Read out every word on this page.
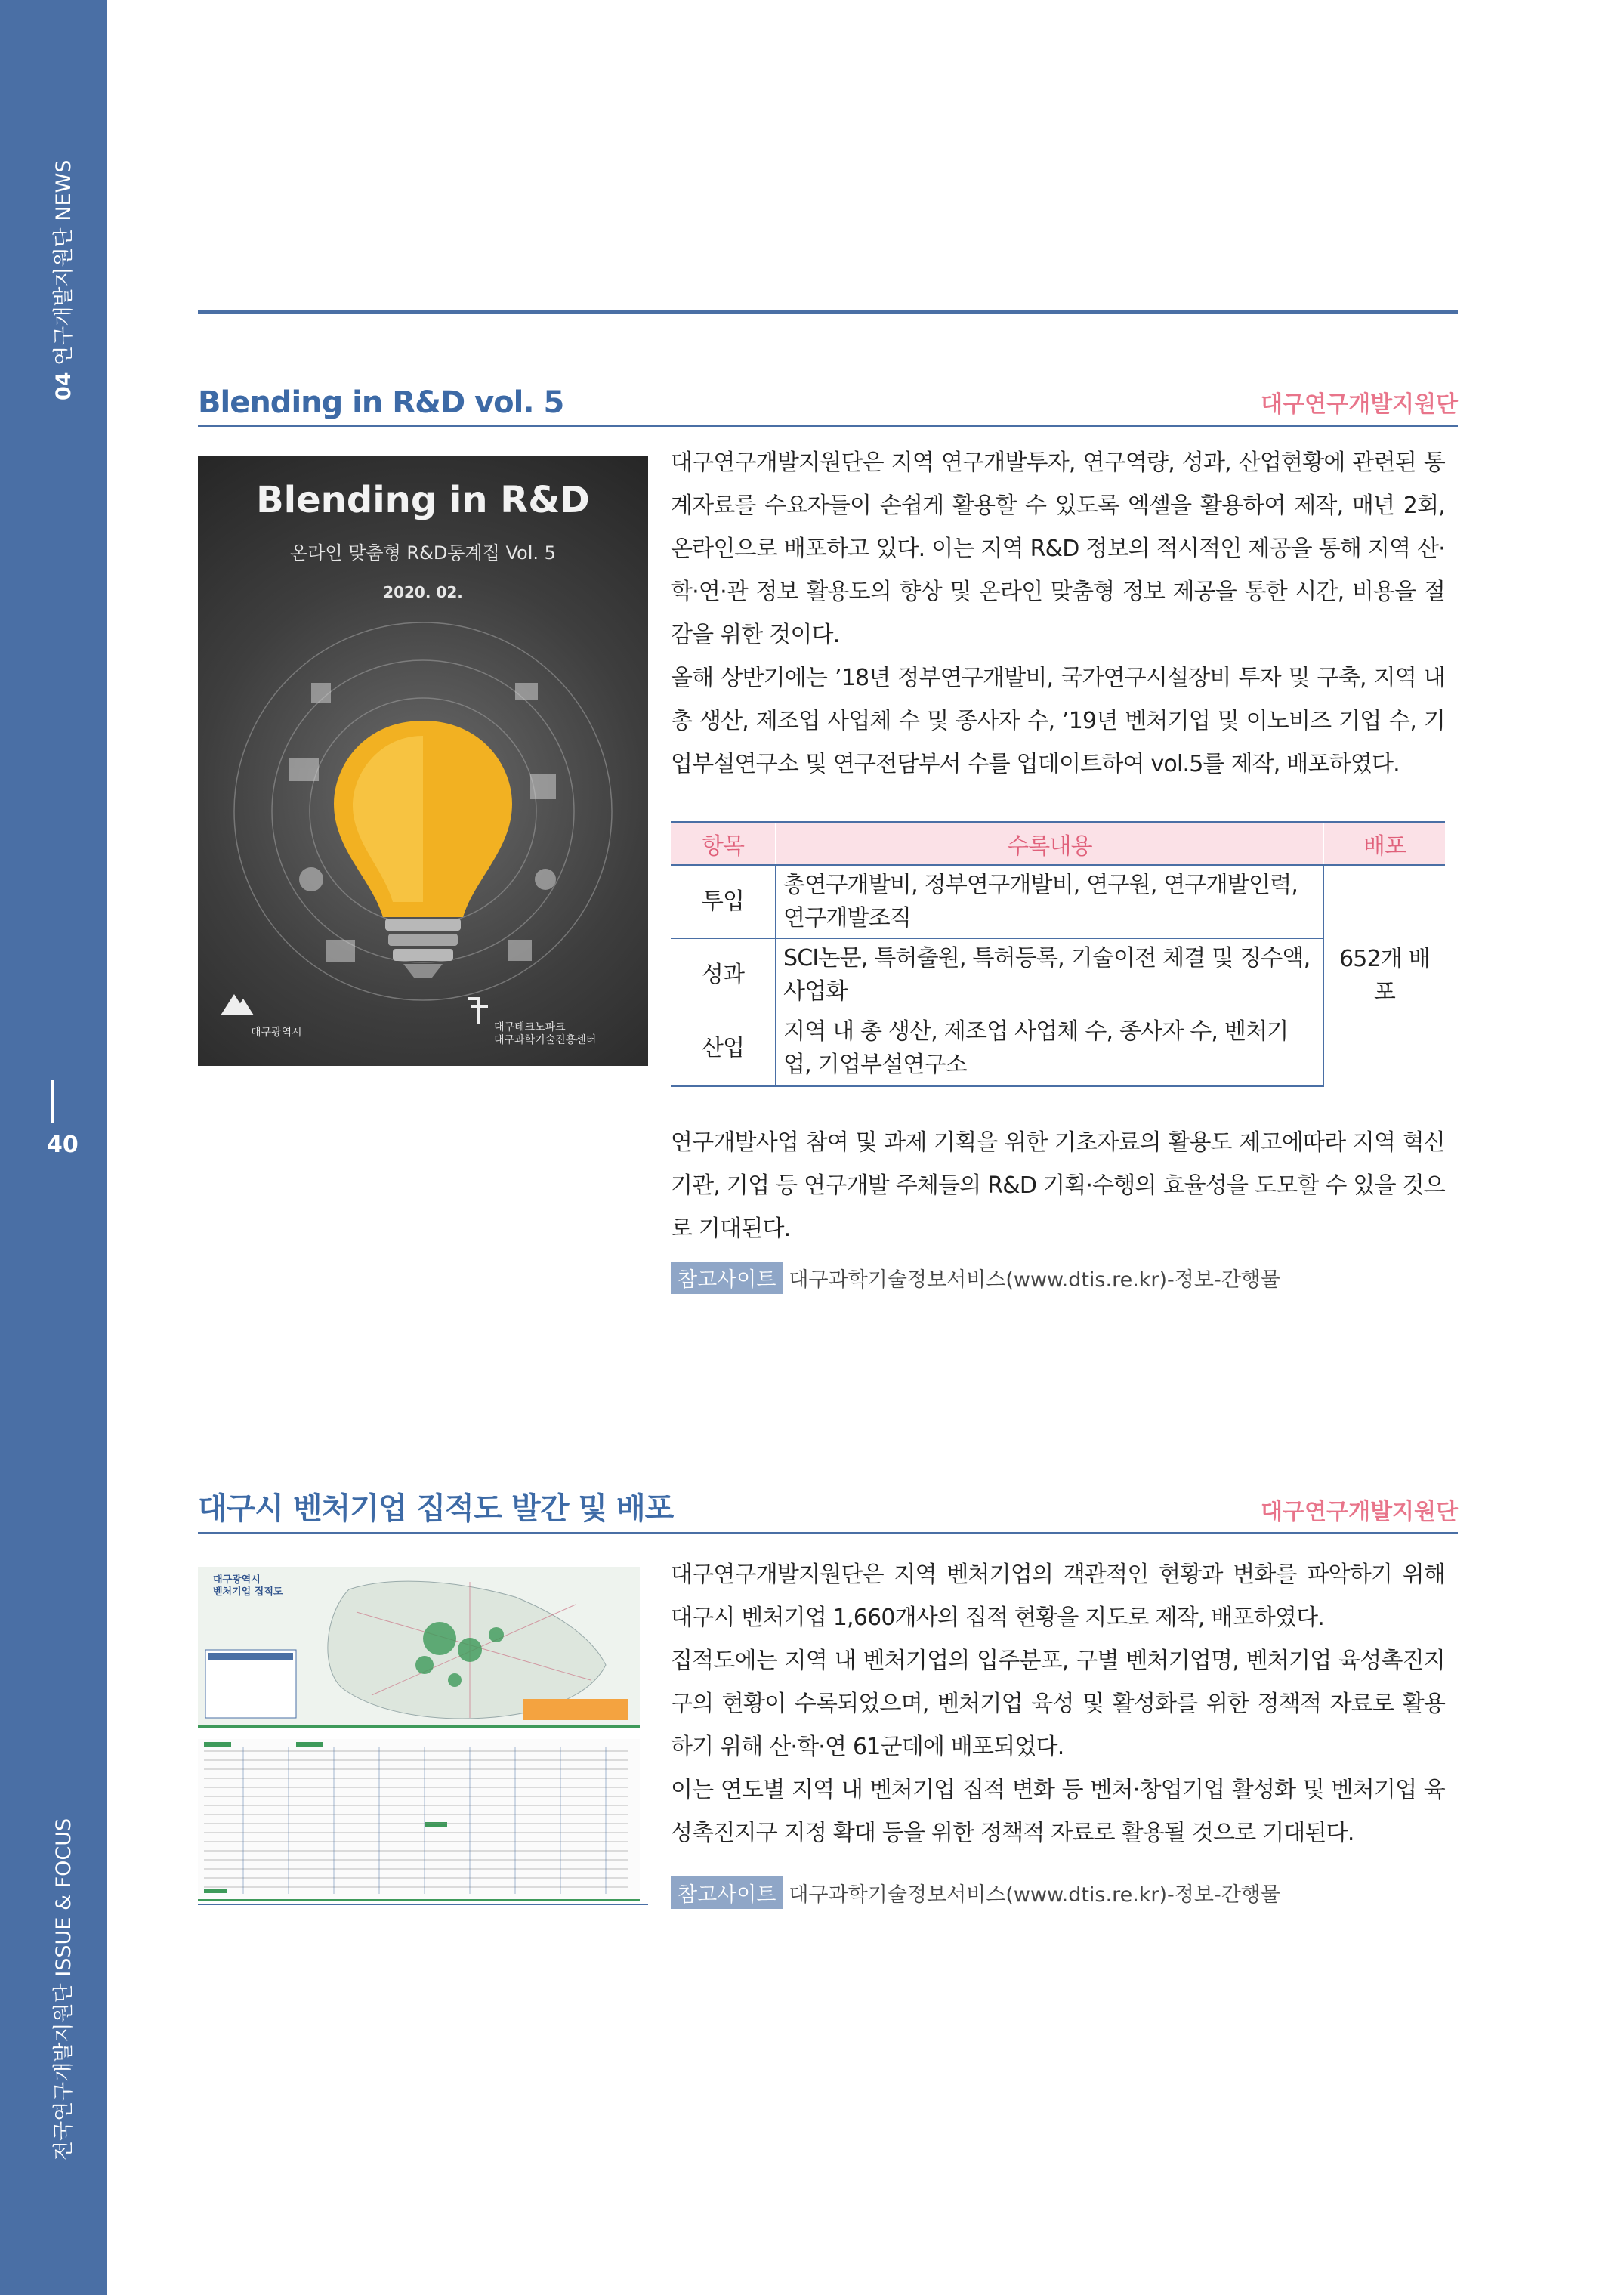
04 연구개발지원단 NEWS
40
전국연구개발지원단 ISSUE & FOCUS
Blending in R&D vol. 5	대구연구개발지원단
Blending in R&D
온라인 맞춤형 R&D통계집 Vol. 5
2020. 02.
대구광역시	대구테크노파크
대구과학기술진흥센터

대구연구개발지원단은 지역 연구개발투자, 연구역량, 성과, 산업현황에 관련된 통계자료를 수요자들이 손쉽게 활용할 수 있도록 엑셀을 활용하여 제작, 매년 2회, 온라인으로 배포하고 있다. 이는 지역 R&D 정보의 적시적인 제공을 통해 지역 산·학·연·관 정보 활용도의 향상 및 온라인 맞춤형 정보 제공을 통한 시간, 비용을 절감을 위한 것이다.

올해 상반기에는 ’18년 정부연구개발비, 국가연구시설장비 투자 및 구축, 지역 내 총 생산, 제조업 사업체 수 및 종사자 수, ’19년 벤처기업 및 이노비즈 기업 수, 기업부설연구소 및 연구전담부서 수를 업데이트하여 vol.5를 제작, 배포하였다.

항목	수록내용	배포
투입	총연구개발비, 정부연구개발비, 연구원, 연구개발인력, 연구개발조직	652개 배포
성과	SCI논문, 특허출원, 특허등록, 기술이전 체결 및 징수액, 사업화	
산업	지역 내 총 생산, 제조업 사업체 수, 종사자 수, 벤처기업, 기업부설연구소	

연구개발사업 참여 및 과제 기획을 위한 기초자료의 활용도 제고에따라 지역 혁신기관, 기업 등 연구개발 주체들의 R&D 기획·수행의 효율성을 도모할 수 있을 것으로 기대된다.

참고사이트 대구과학기술정보서비스(www.dtis.re.kr)-정보-간행물
대구시 벤처기업 집적도 발간 및 배포	대구연구개발지원단
대구광역시
벤처기업 집적도

대구연구개발지원단은 지역 벤처기업의 객관적인 현황과 변화를 파악하기 위해 대구시 벤처기업 1,660개사의 집적 현황을 지도로 제작, 배포하였다.

집적도에는 지역 내 벤처기업의 입주분포, 구별 벤처기업명, 벤처기업 육성촉진지구의 현황이 수록되었으며, 벤처기업 육성 및 활성화를 위한 정책적 자료로 활용하기 위해 산·학·연 61군데에 배포되었다.

이는 연도별 지역 내 벤처기업 집적 변화 등 벤처·창업기업 활성화 및 벤처기업 육성촉진지구 지정 확대 등을 위한 정책적 자료로 활용될 것으로 기대된다.

참고사이트 대구과학기술정보서비스(www.dtis.re.kr)-정보-간행물
